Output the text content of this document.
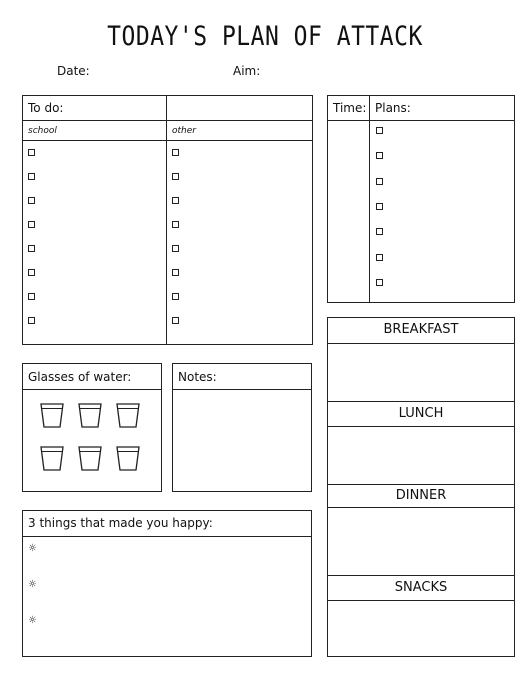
TODAY'S PLAN OF ATTACK
Date:	Aim:
To do:
school	other
Time: Plans:
Glasses of water:	Notes:
3 things that made you happy:
☼
☼
☼
BREAKFAST
LUNCH
DINNER
SNACKS
